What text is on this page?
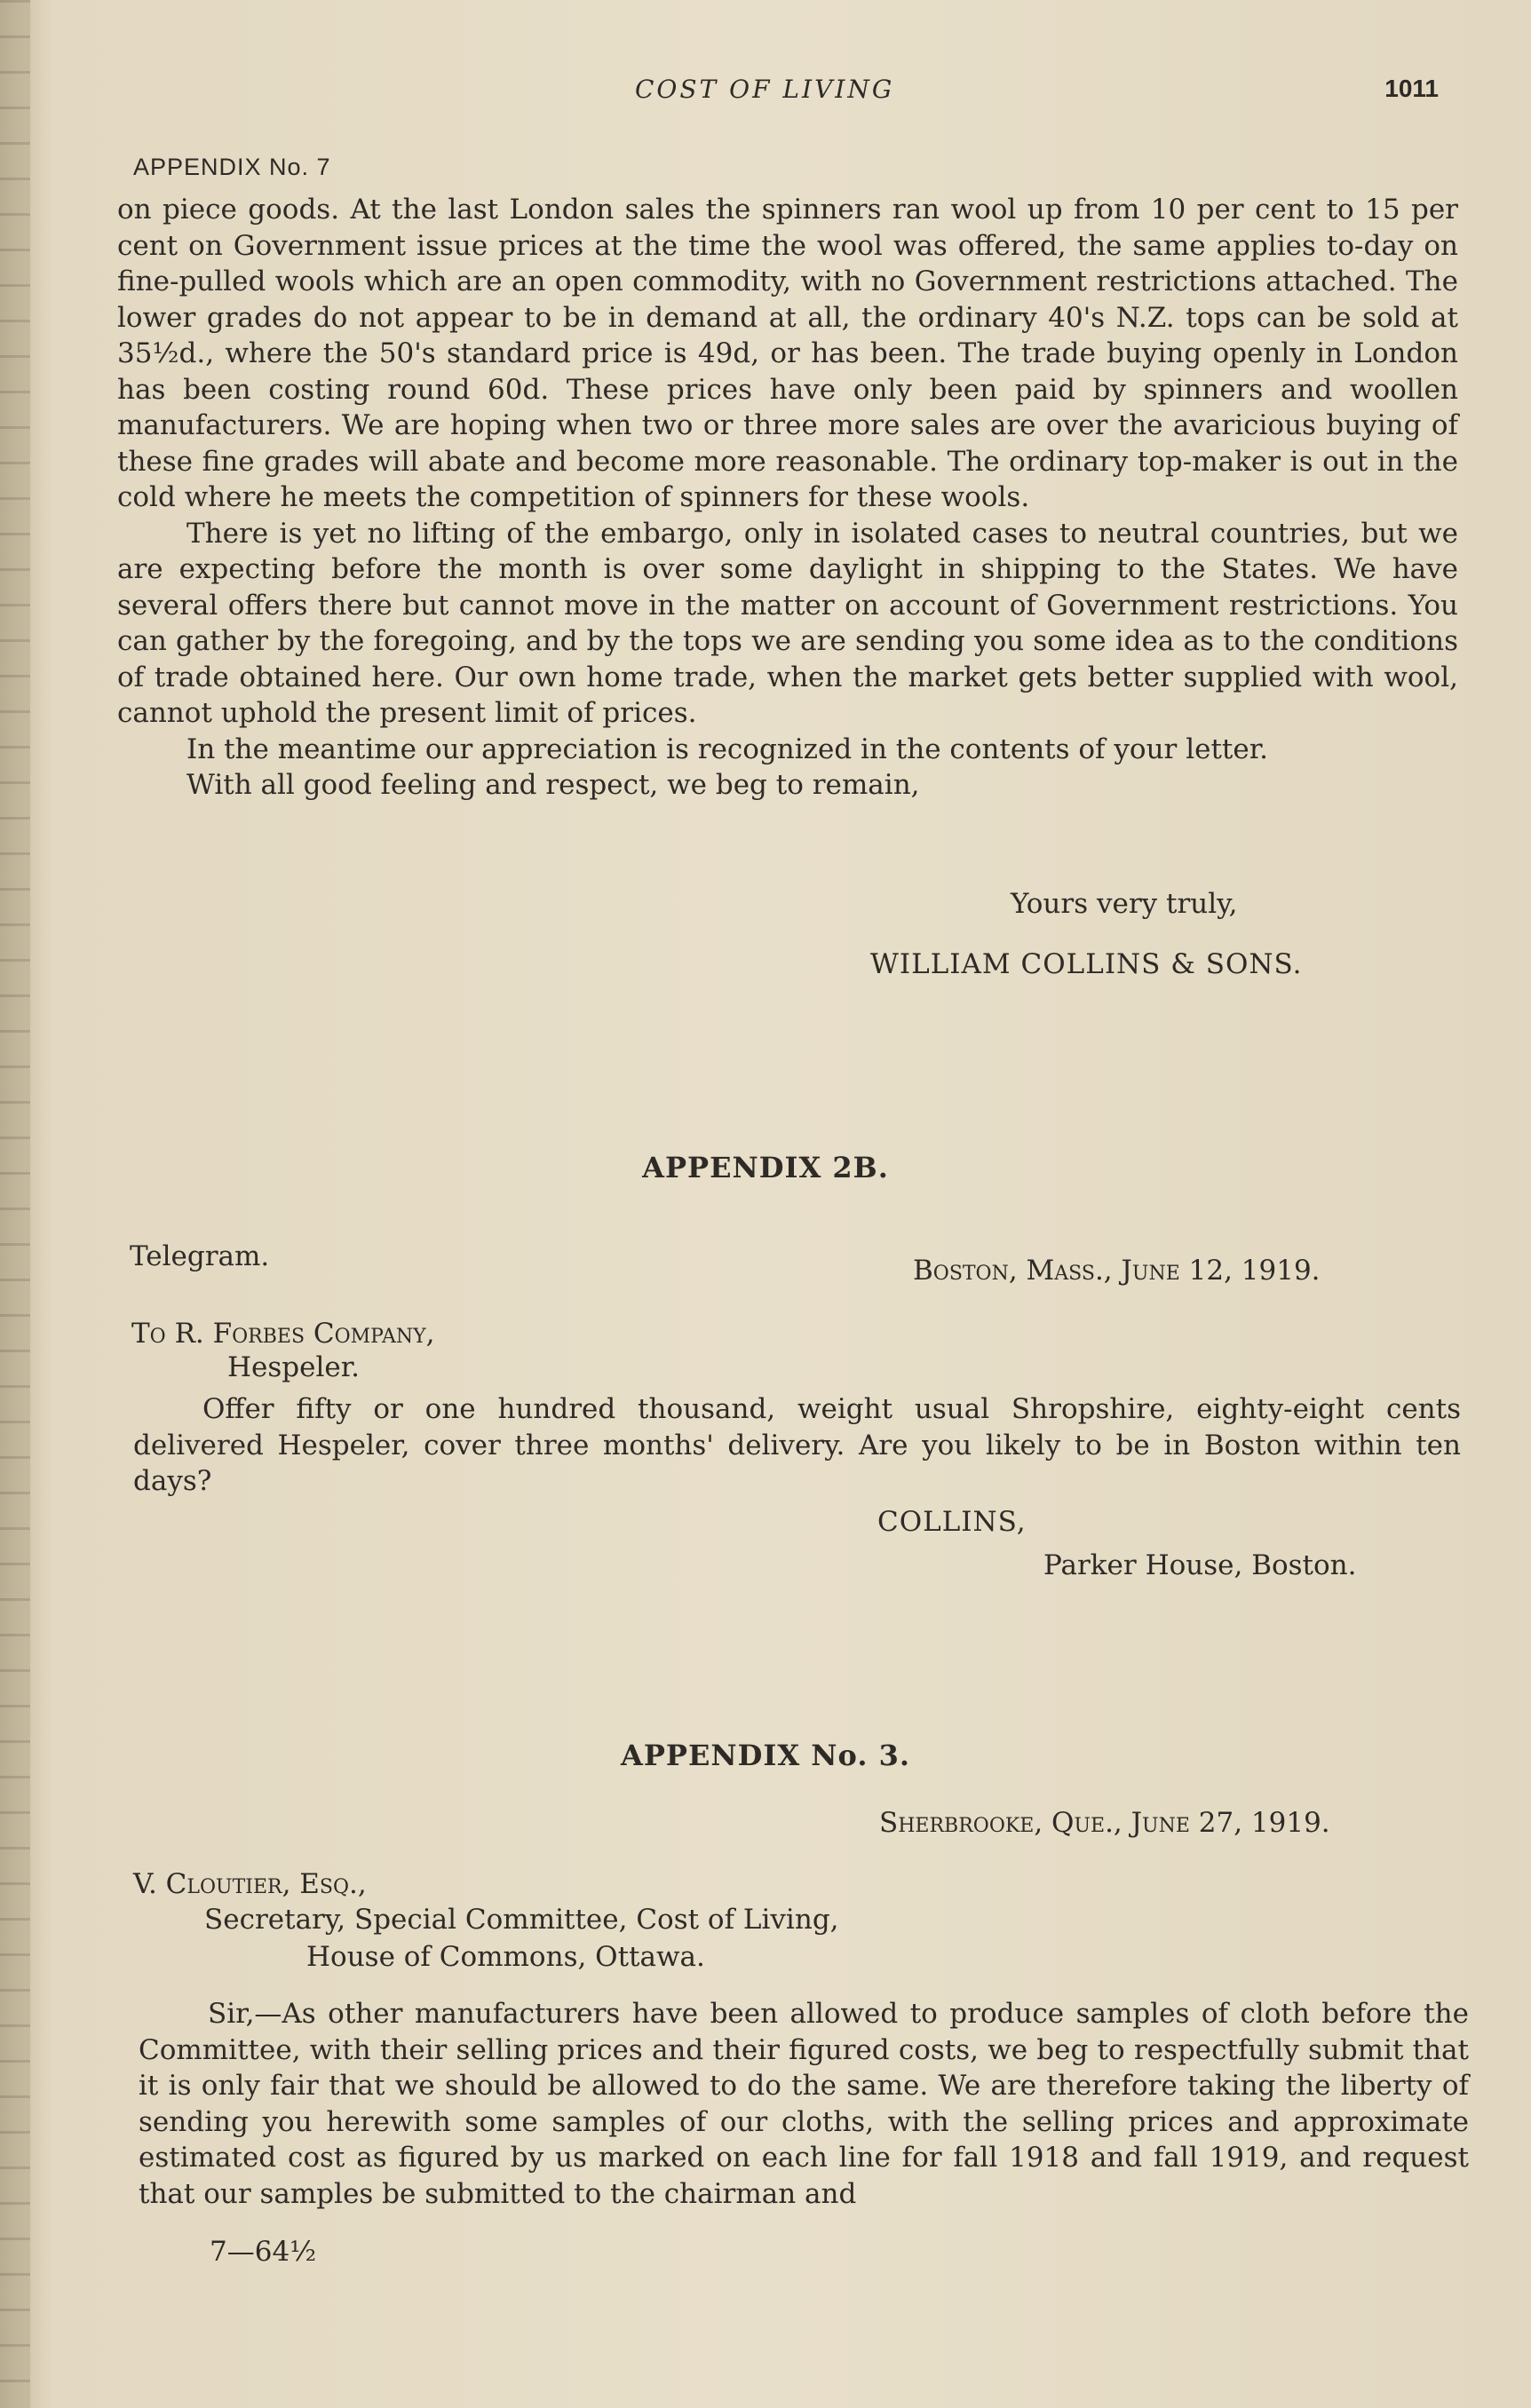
COST OF LIVING	1011
APPENDIX No. 7

on piece goods. At the last London sales the spinners ran wool up from 10 per cent to 15 per cent on Government issue prices at the time the wool was offered, the same applies to-day on fine-pulled wools which are an open commodity, with no Government restrictions attached. The lower grades do not appear to be in demand at all, the ordinary 40's N.Z. tops can be sold at 35½d., where the 50's standard price is 49d, or has been. The trade buying openly in London has been costing round 60d. These prices have only been paid by spinners and woollen manufacturers. We are hoping when two or three more sales are over the avaricious buying of these fine grades will abate and become more reasonable. The ordinary top-maker is out in the cold where he meets the competition of spinners for these wools.

There is yet no lifting of the embargo, only in isolated cases to neutral countries, but we are expecting before the month is over some daylight in shipping to the States. We have several offers there but cannot move in the matter on account of Government restrictions. You can gather by the foregoing, and by the tops we are sending you some idea as to the conditions of trade obtained here. Our own home trade, when the market gets better supplied with wool, cannot uphold the present limit of prices.

In the meantime our appreciation is recognized in the contents of your letter.

With all good feeling and respect, we beg to remain,

Yours very truly,
WILLIAM COLLINS & SONS.
APPENDIX 2B.
Telegram.	Boston, Mass., June 12, 1919.
To R. Forbes Company,
Hespeler.
Offer fifty or one hundred thousand, weight usual Shropshire, eighty-eight cents delivered Hespeler, cover three months' delivery. Are you likely to be in Boston within ten days?
COLLINS,
Parker House, Boston.
APPENDIX No. 3.
Sherbrooke, Que., June 27, 1919.
V. Cloutier, Esq.,
Secretary, Special Committee, Cost of Living,
House of Commons, Ottawa.
Sir,—As other manufacturers have been allowed to produce samples of cloth before the Committee, with their selling prices and their figured costs, we beg to respectfully submit that it is only fair that we should be allowed to do the same. We are therefore taking the liberty of sending you herewith some samples of our cloths, with the selling prices and approximate estimated cost as figured by us marked on each line for fall 1918 and fall 1919, and request that our samples be submitted to the chairman and
7—64½
